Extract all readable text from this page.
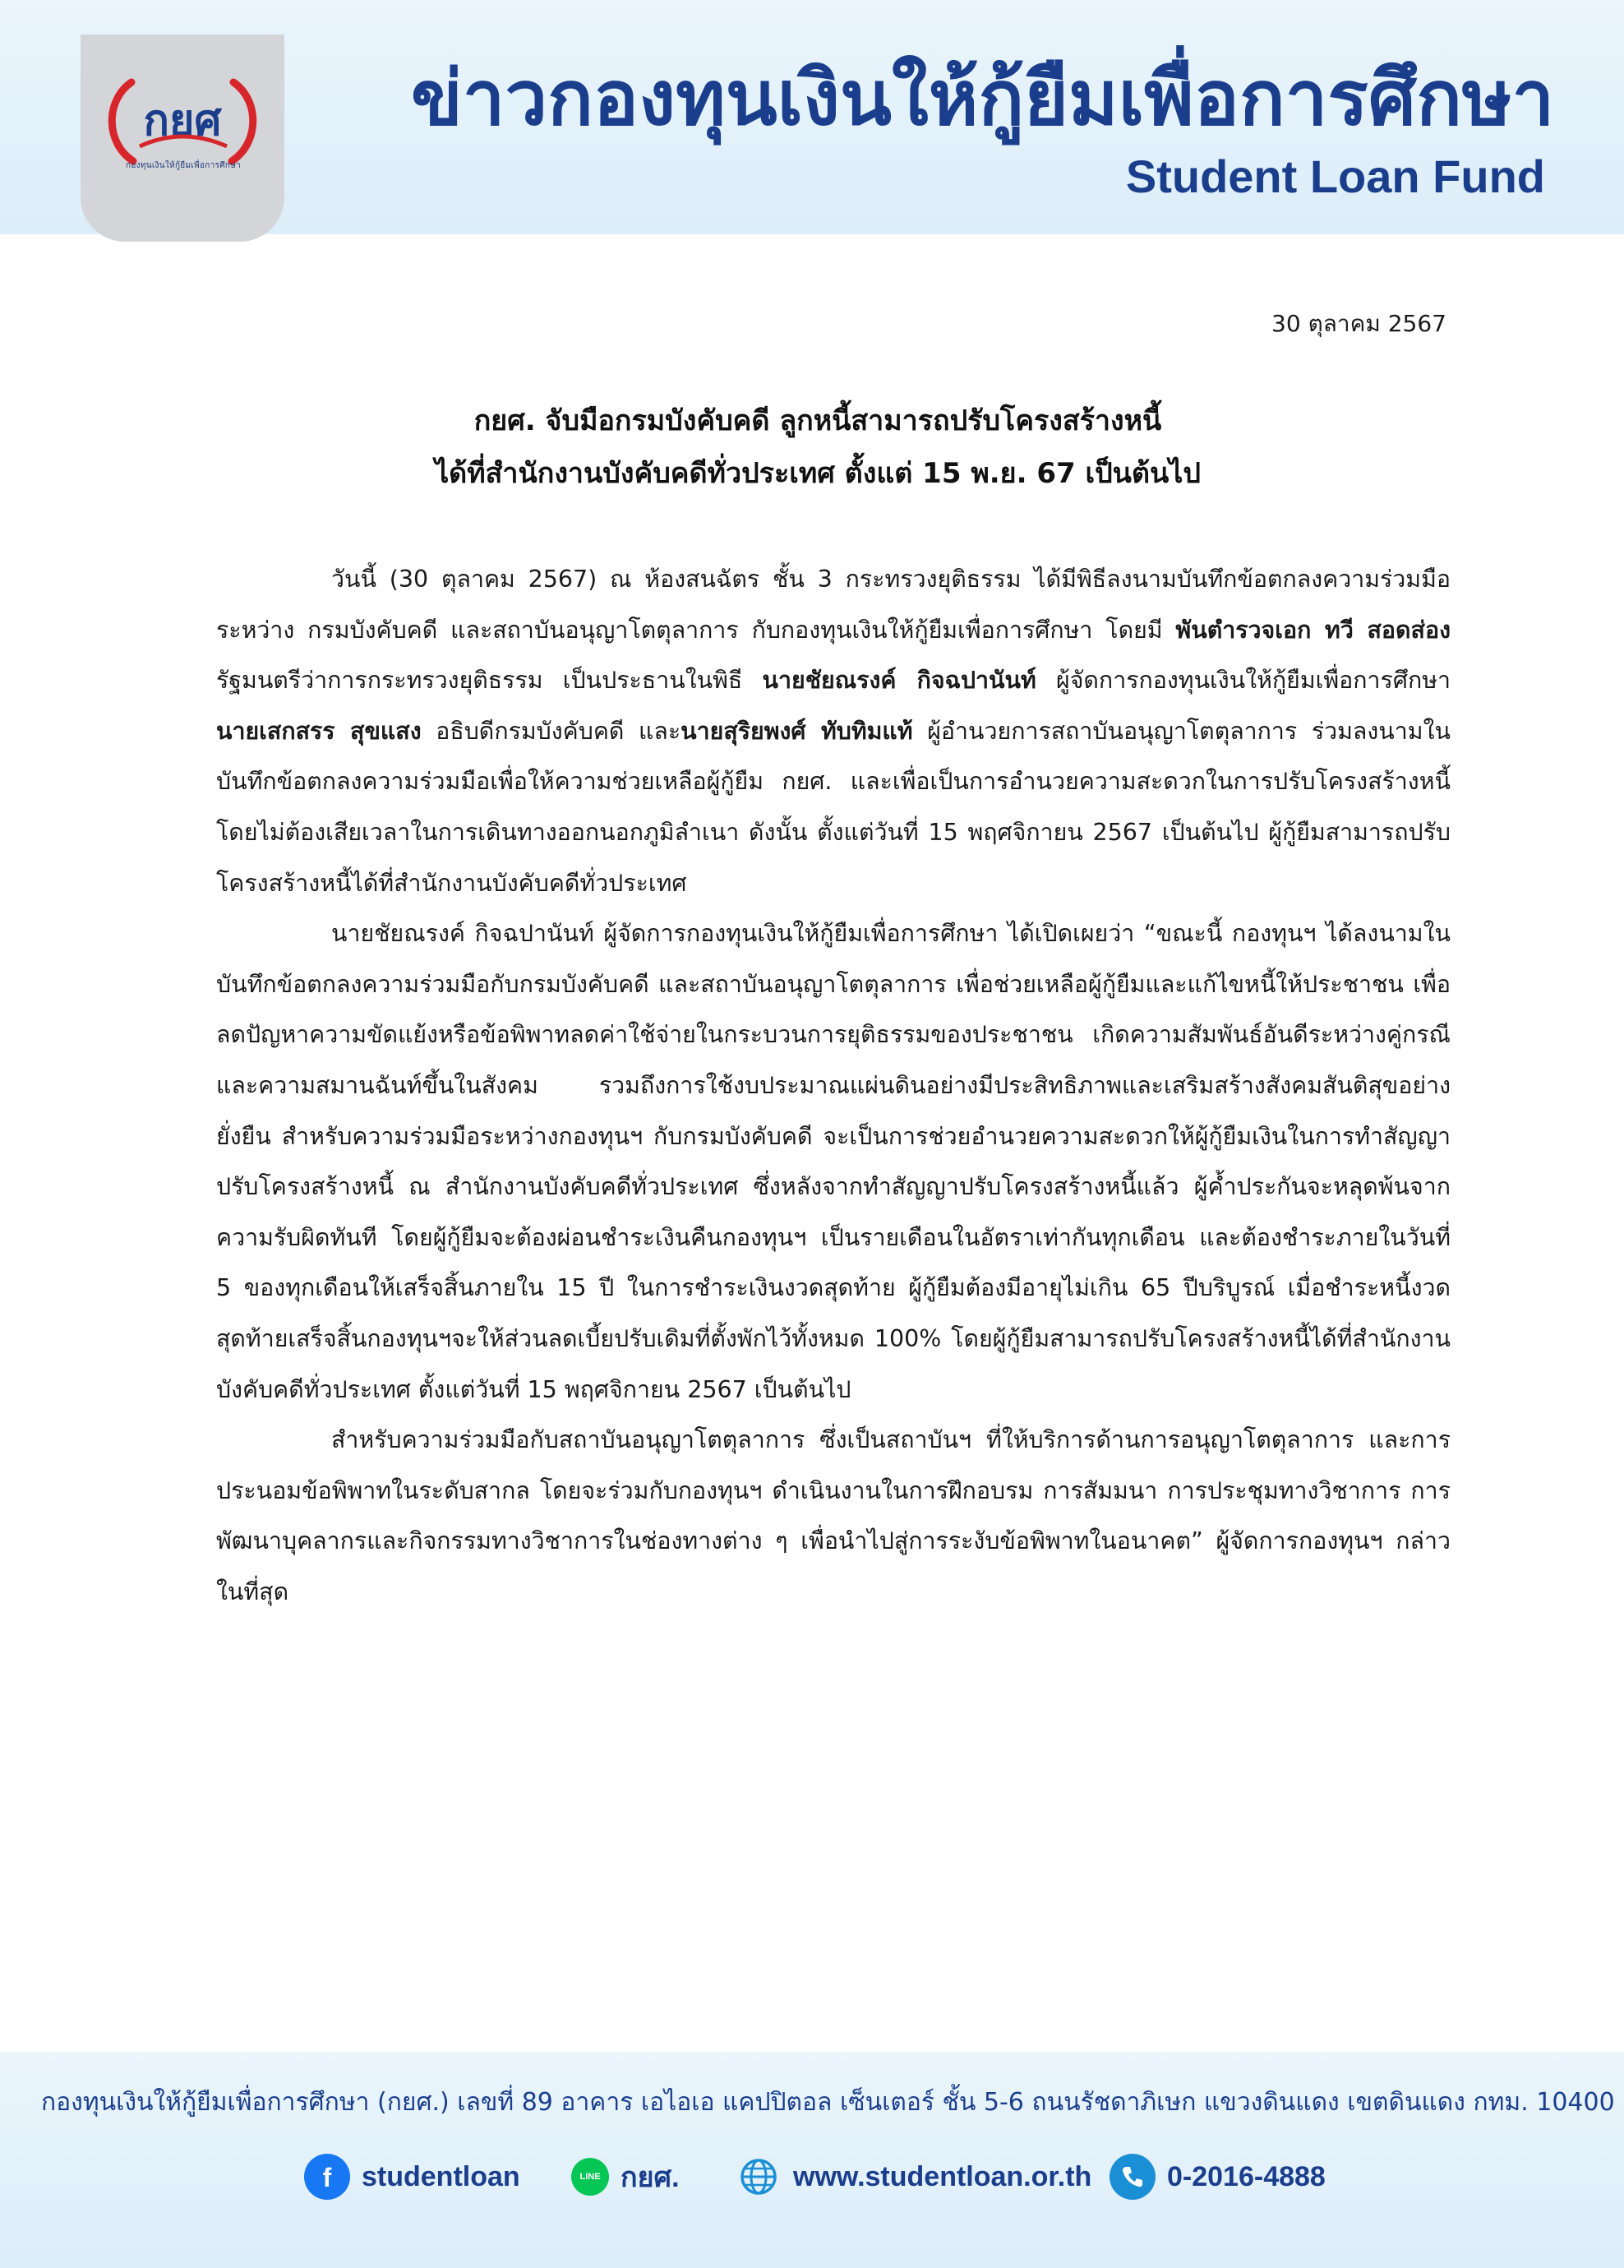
กยศ
กองทุนเงินให้กู้ยืมเพื่อการศึกษา
ข่าวกองทุนเงินให้กู้ยืมเพื่อการศึกษา
Student Loan Fund
30 ตุลาคม 2567
กยศ. จับมือกรมบังคับคดี ลูกหนี้สามารถปรับโครงสร้างหนี้
ได้ที่สำนักงานบังคับคดีทั่วประเทศ ตั้งแต่ 15 พ.ย. 67 เป็นต้นไป

วันนี้ (30 ตุลาคม 2567) ณ ห้องสนฉัตร ชั้น 3 กระทรวงยุติธรรม ได้มีพิธีลงนามบันทึกข้อตกลงความร่วมมือระหว่าง กรมบังคับคดี และสถาบันอนุญาโตตุลาการ กับกองทุนเงินให้กู้ยืมเพื่อการศึกษา โดยมี พันตำรวจเอก ทวี สอดส่อง รัฐมนตรีว่าการกระทรวงยุติธรรม เป็นประธานในพิธี นายชัยณรงค์ กิจฉปานันท์ ผู้จัดการกองทุนเงินให้กู้ยืมเพื่อการศึกษา นายเสกสรร สุขแสง อธิบดีกรมบังคับคดี และนายสุริยพงศ์ ทับทิมแท้ ผู้อำนวยการสถาบันอนุญาโตตุลาการ ร่วมลงนามในบันทึกข้อตกลงความร่วมมือเพื่อให้ความช่วยเหลือผู้กู้ยืม กยศ. และเพื่อเป็นการอำนวยความสะดวกในการปรับโครงสร้างหนี้ โดยไม่ต้องเสียเวลาในการเดินทางออกนอกภูมิลำเนา ดังนั้น ตั้งแต่วันที่ 15 พฤศจิกายน 2567 เป็นต้นไป ผู้กู้ยืมสามารถปรับโครงสร้างหนี้ได้ที่สำนักงานบังคับคดีทั่วประเทศ

นายชัยณรงค์ กิจฉปานันท์ ผู้จัดการกองทุนเงินให้กู้ยืมเพื่อการศึกษา ได้เปิดเผยว่า “ขณะนี้ กองทุนฯ ได้ลงนามในบันทึกข้อตกลงความร่วมมือกับกรมบังคับคดี และสถาบันอนุญาโตตุลาการ เพื่อช่วยเหลือผู้กู้ยืมและแก้ไขหนี้ให้ประชาชน เพื่อลดปัญหาความขัดแย้งหรือข้อพิพาทลดค่าใช้จ่ายในกระบวนการยุติธรรมของประชาชน เกิดความสัมพันธ์อันดีระหว่างคู่กรณีและความสมานฉันท์ขึ้นในสังคม รวมถึงการใช้งบประมาณแผ่นดินอย่างมีประสิทธิภาพและเสริมสร้างสังคมสันติสุขอย่างยั่งยืน สำหรับความร่วมมือระหว่างกองทุนฯ กับกรมบังคับคดี จะเป็นการช่วยอำนวยความสะดวกให้ผู้กู้ยืมเงินในการทำสัญญาปรับโครงสร้างหนี้ ณ สำนักงานบังคับคดีทั่วประเทศ ซึ่งหลังจากทำสัญญาปรับโครงสร้างหนี้แล้ว ผู้ค้ำประกันจะหลุดพ้นจากความรับผิดทันที โดยผู้กู้ยืมจะต้องผ่อนชำระเงินคืนกองทุนฯ เป็นรายเดือนในอัตราเท่ากันทุกเดือน และต้องชำระภายในวันที่ 5 ของทุกเดือนให้เสร็จสิ้นภายใน 15 ปี ในการชำระเงินงวดสุดท้าย ผู้กู้ยืมต้องมีอายุไม่เกิน 65 ปีบริบูรณ์ เมื่อชำระหนี้งวดสุดท้ายเสร็จสิ้นกองทุนฯจะให้ส่วนลดเบี้ยปรับเดิมที่ตั้งพักไว้ทั้งหมด 100% โดยผู้กู้ยืมสามารถปรับโครงสร้างหนี้ได้ที่สำนักงานบังคับคดีทั่วประเทศ ตั้งแต่วันที่ 15 พฤศจิกายน 2567 เป็นต้นไป

สำหรับความร่วมมือกับสถาบันอนุญาโตตุลาการ ซึ่งเป็นสถาบันฯ ที่ให้บริการด้านการอนุญาโตตุลาการ และการประนอมข้อพิพาทในระดับสากล โดยจะร่วมกับกองทุนฯ ดำเนินงานในการฝึกอบรม การสัมมนา การประชุมทางวิชาการ การพัฒนาบุคลากรและกิจกรรมทางวิชาการในช่องทางต่าง ๆ เพื่อนำไปสู่การระงับข้อพิพาทในอนาคต” ผู้จัดการกองทุนฯ กล่าวในที่สุด

กองทุนเงินให้กู้ยืมเพื่อการศึกษา (กยศ.) เลขที่ 89 อาคาร เอไอเอ แคปปิตอล เซ็นเตอร์ ชั้น 5-6 ถนนรัชดาภิเษก แขวงดินแดง เขตดินแดง กทม. 10400
f studentloan	LINE กยศ.	www.studentloan.or.th	0-2016-4888
